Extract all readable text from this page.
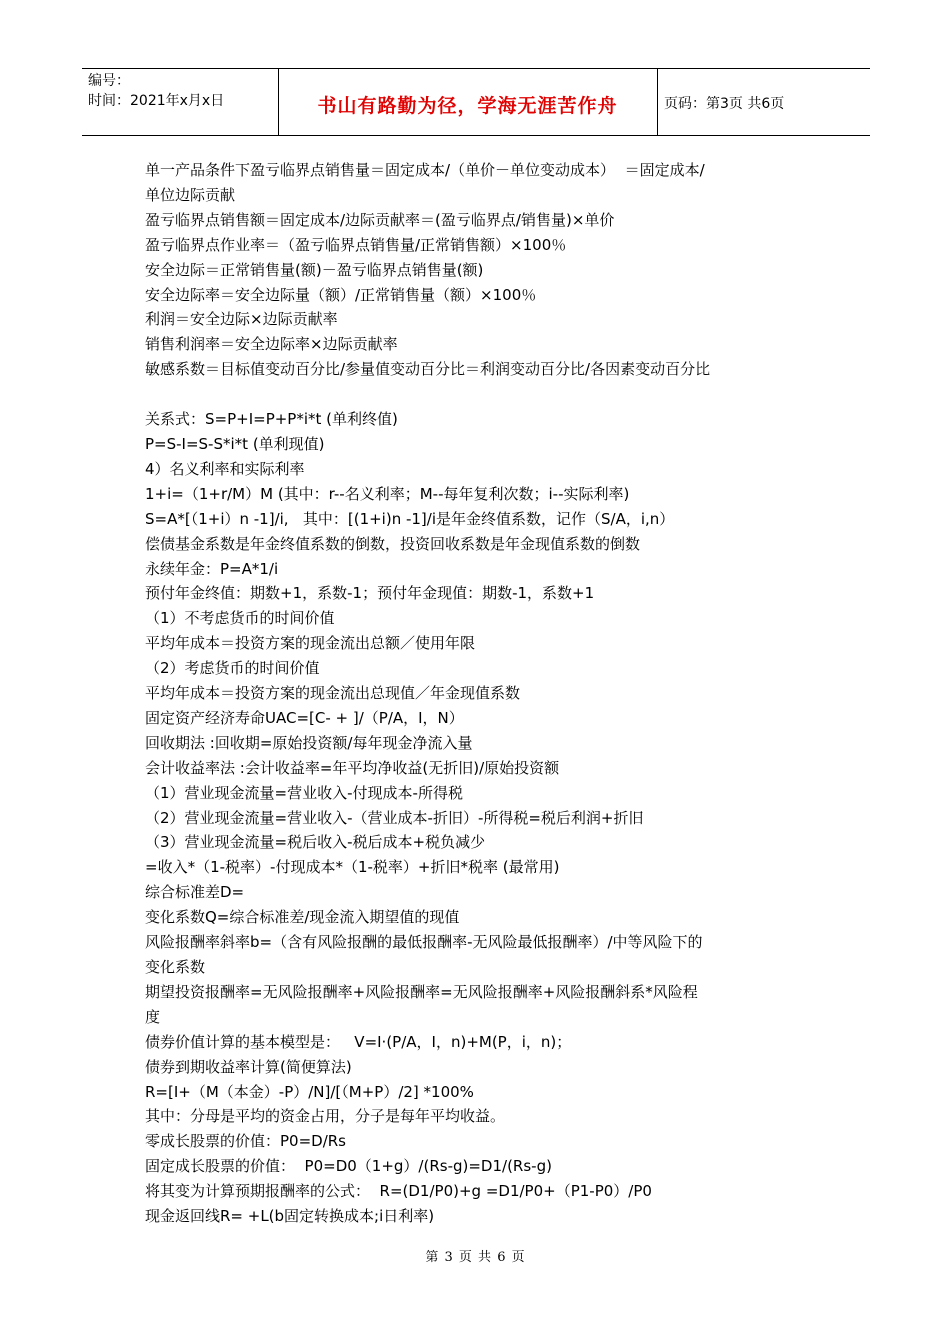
编号：
时间：2021年x月x日	书山有路勤为径，学海无涯苦作舟	页码：第3页 共6页
单一产品条件下盈亏临界点销售量＝固定成本/（单价－单位变动成本）  ＝固定成本/
单位边际贡献
盈亏临界点销售额＝固定成本/边际贡献率＝(盈亏临界点/销售量)×单价
盈亏临界点作业率＝（盈亏临界点销售量/正常销售额）×100％
安全边际＝正常销售量(额)－盈亏临界点销售量(额)
安全边际率＝安全边际量（额）/正常销售量（额）×100％
利润＝安全边际×边际贡献率
销售利润率＝安全边际率×边际贡献率
敏感系数＝目标值变动百分比/参量值变动百分比＝利润变动百分比/各因素变动百分比

关系式：S=P+I=P+P*i*t (单利终值)
P=S-I=S-S*i*t (单利现值)
4）名义利率和实际利率
1+i=（1+r/M）M (其中：r--名义利率；M--每年复利次数；i--实际利率)
S=A*[（1+i）n -1]/i,   其中：[(1+i)n -1]/i是年金终值系数，记作（S/A，i,n）
偿债基金系数是年金终值系数的倒数，投资回收系数是年金现值系数的倒数
永续年金：P=A*1/i
预付年金终值：期数+1，系数-1；预付年金现值：期数-1，系数+1
（1）不考虑货币的时间价值
平均年成本＝投资方案的现金流出总额／使用年限
（2）考虑货币的时间价值
平均年成本＝投资方案的现金流出总现值／年金现值系数
固定资产经济寿命UAC=[C- + ]/（P/A，I，N）
回收期法 :回收期=原始投资额/每年现金净流入量
会计收益率法 :会计收益率=年平均净收益(无折旧)/原始投资额
（1）营业现金流量=营业收入-付现成本-所得税
（2）营业现金流量=营业收入-（营业成本-折旧）-所得税=税后利润+折旧
（3）营业现金流量=税后收入-税后成本+税负减少
=收入*（1-税率）-付现成本*（1-税率）+折旧*税率 (最常用)
综合标准差D=
变化系数Q=综合标准差/现金流入期望值的现值
风险报酬率斜率b=（含有风险报酬的最低报酬率-无风险最低报酬率）/中等风险下的
变化系数
期望投资报酬率=无风险报酬率+风险报酬率=无风险报酬率+风险报酬斜系*风险程
度
债券价值计算的基本模型是：   V=I·(P/A，I，n)+M(P，i，n)；
债券到期收益率计算(简便算法)
R=[I+（M（本金）-P）/N]/[（M+P）/2] *100%
其中：分母是平均的资金占用，分子是每年平均收益。
零成长股票的价值：P0=D/Rs
固定成长股票的价值：  P0=D0（1+g）/(Rs-g)=D1/(Rs-g)
将其变为计算预期报酬率的公式：  R=(D1/P0)+g =D1/P0+（P1-P0）/P0
现金返回线R= +L(b固定转换成本;i日利率)
第 3 页 共 6 页
